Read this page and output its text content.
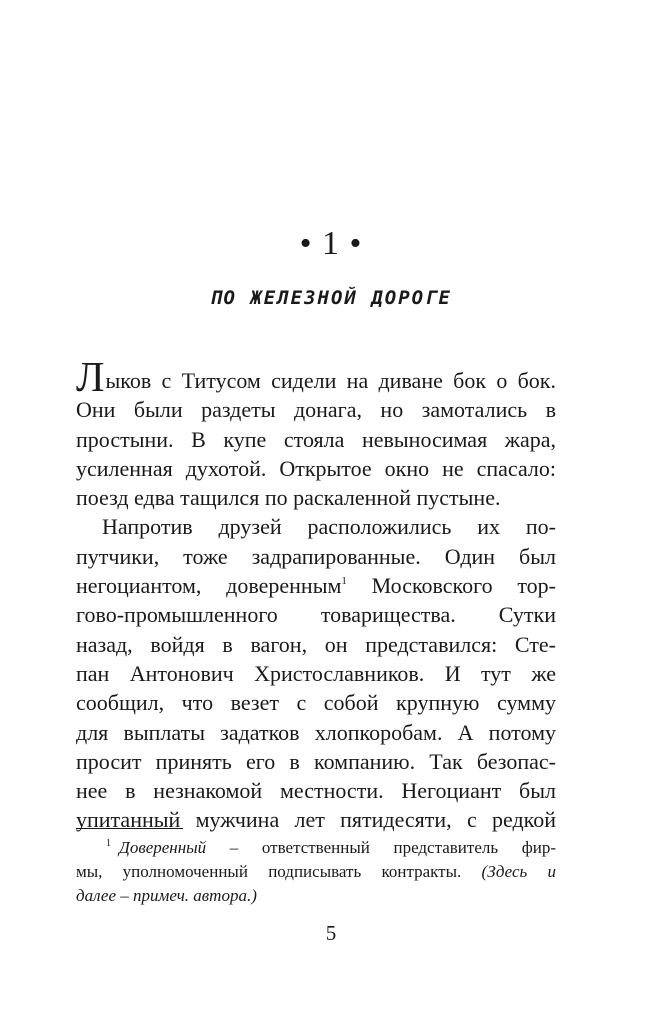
• 1 •
ПО ЖЕЛЕЗНОЙ ДОРОГЕ
Лыков с Титусом сидели на диване бок о бок.
Они были раздеты донага, но замотались в
простыни. В купе стояла невыносимая жара,
усиленная духотой. Открытое окно не спасало:
поезд едва тащился по раскаленной пустыне.
Напротив друзей расположились их по-
путчики, тоже задрапированные. Один был
негоциантом, доверенным$^1$ Московского тор-
гово-промышленного товарищества. Сутки
назад, войдя в вагон, он представился: Сте-
пан Антонович Христославников. И тут же
сообщил, что везет с собой крупную сумму
для выплаты задатков хлопкоробам. А потому
просит принять его в компанию. Так безопас-
нее в незнакомой местности. Негоциант был
упитанный мужчина лет пятидесяти, с редкой
$^1$ Доверенный – ответственный представитель фир-
мы, уполномоченный подписывать контракты. (Здесь и
далее – примеч. автора.)
5
